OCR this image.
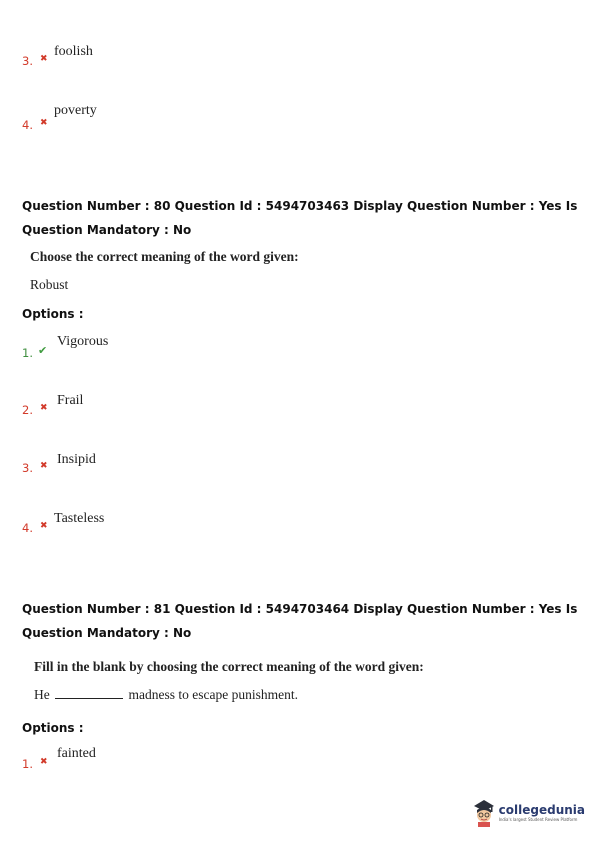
3. ✖ foolish
4. ✖
poverty
Question Number : 80 Question Id : 5494703463 Display Question Number : Yes Is Question Mandatory : No
Choose the correct meaning of the word given:
Robust
Options :
1. ✔
Vigorous
2. ✖ Frail
3. ✖ Insipid
4. ✖ Tasteless
Question Number : 81 Question Id : 5494703464 Display Question Number : Yes Is Question Mandatory : No
Fill in the blank by choosing the correct meaning of the word given:
He	madness to escape punishment.
Options :
1. ✖
fainted
collegedunia
India's largest Student Review Platform
